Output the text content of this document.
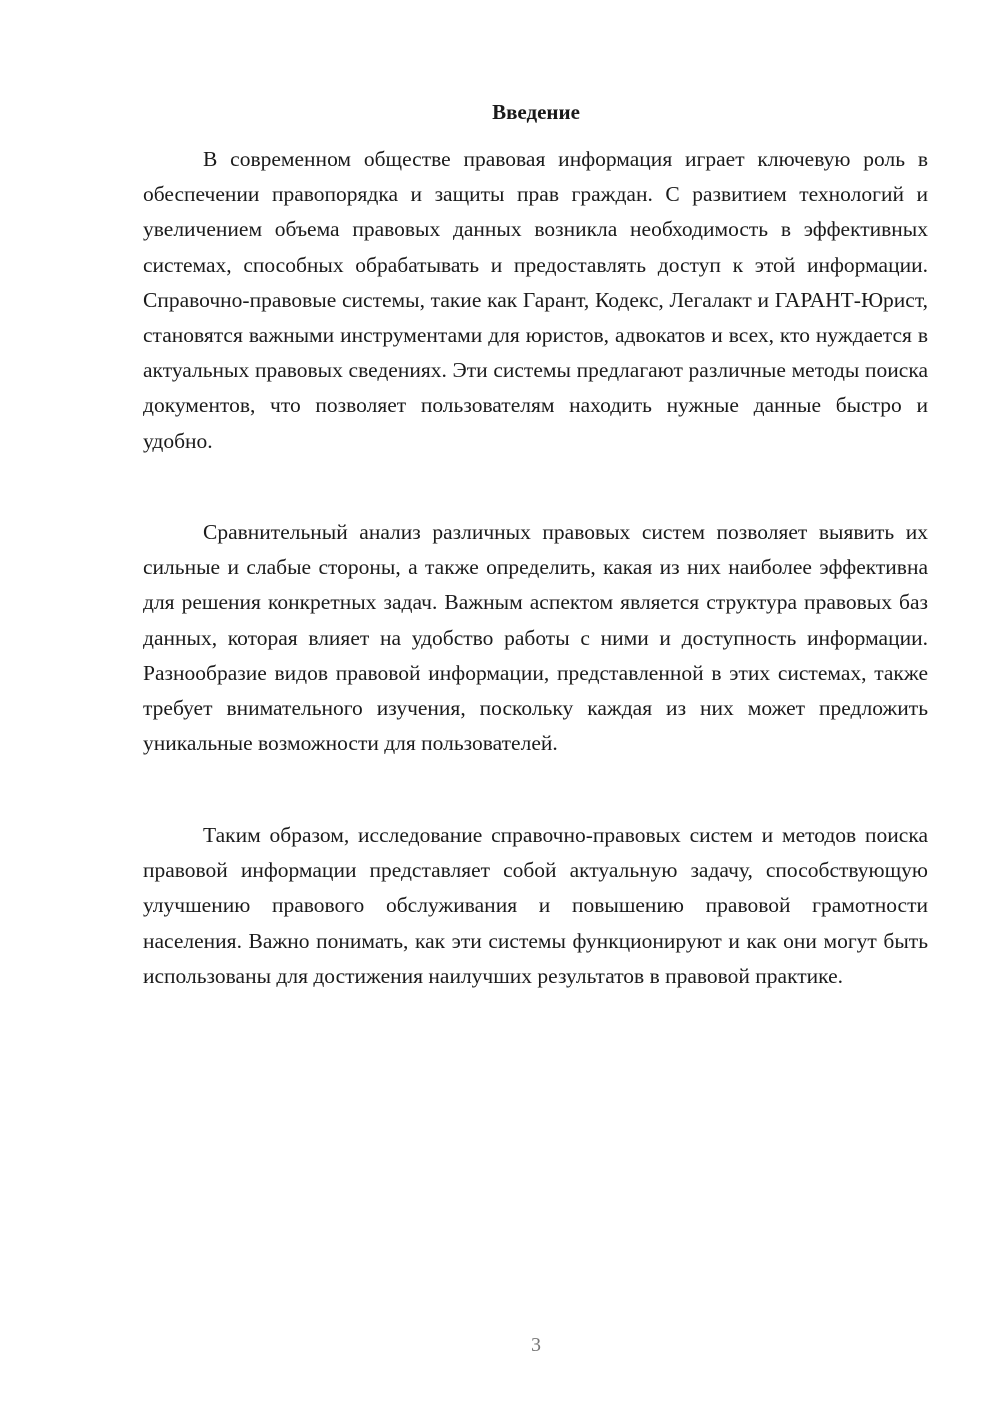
Введение

В современном обществе правовая информация играет ключевую роль в обеспечении правопорядка и защиты прав граждан. С развитием технологий и увеличением объема правовых данных возникла необходимость в эффективных системах, способных обрабатывать и предоставлять доступ к этой информации. Справочно-правовые системы, такие как Гарант, Кодекс, Легалакт и ГАРАНТ-Юрист, становятся важными инструментами для юристов, адвокатов и всех, кто нуждается в актуальных правовых сведениях. Эти системы предлагают различные методы поиска документов, что позволяет пользователям находить нужные данные быстро и удобно.

Сравнительный анализ различных правовых систем позволяет выявить их сильные и слабые стороны, а также определить, какая из них наиболее эффективна для решения конкретных задач. Важным аспектом является структура правовых баз данных, которая влияет на удобство работы с ними и доступность информации. Разнообразие видов правовой информации, представленной в этих системах, также требует внимательного изучения, поскольку каждая из них может предложить уникальные возможности для пользователей.

Таким образом, исследование справочно-правовых систем и методов поиска правовой информации представляет собой актуальную задачу, способствующую улучшению правового обслуживания и повышению правовой грамотности населения. Важно понимать, как эти системы функционируют и как они могут быть использованы для достижения наилучших результатов в правовой практике.

3
